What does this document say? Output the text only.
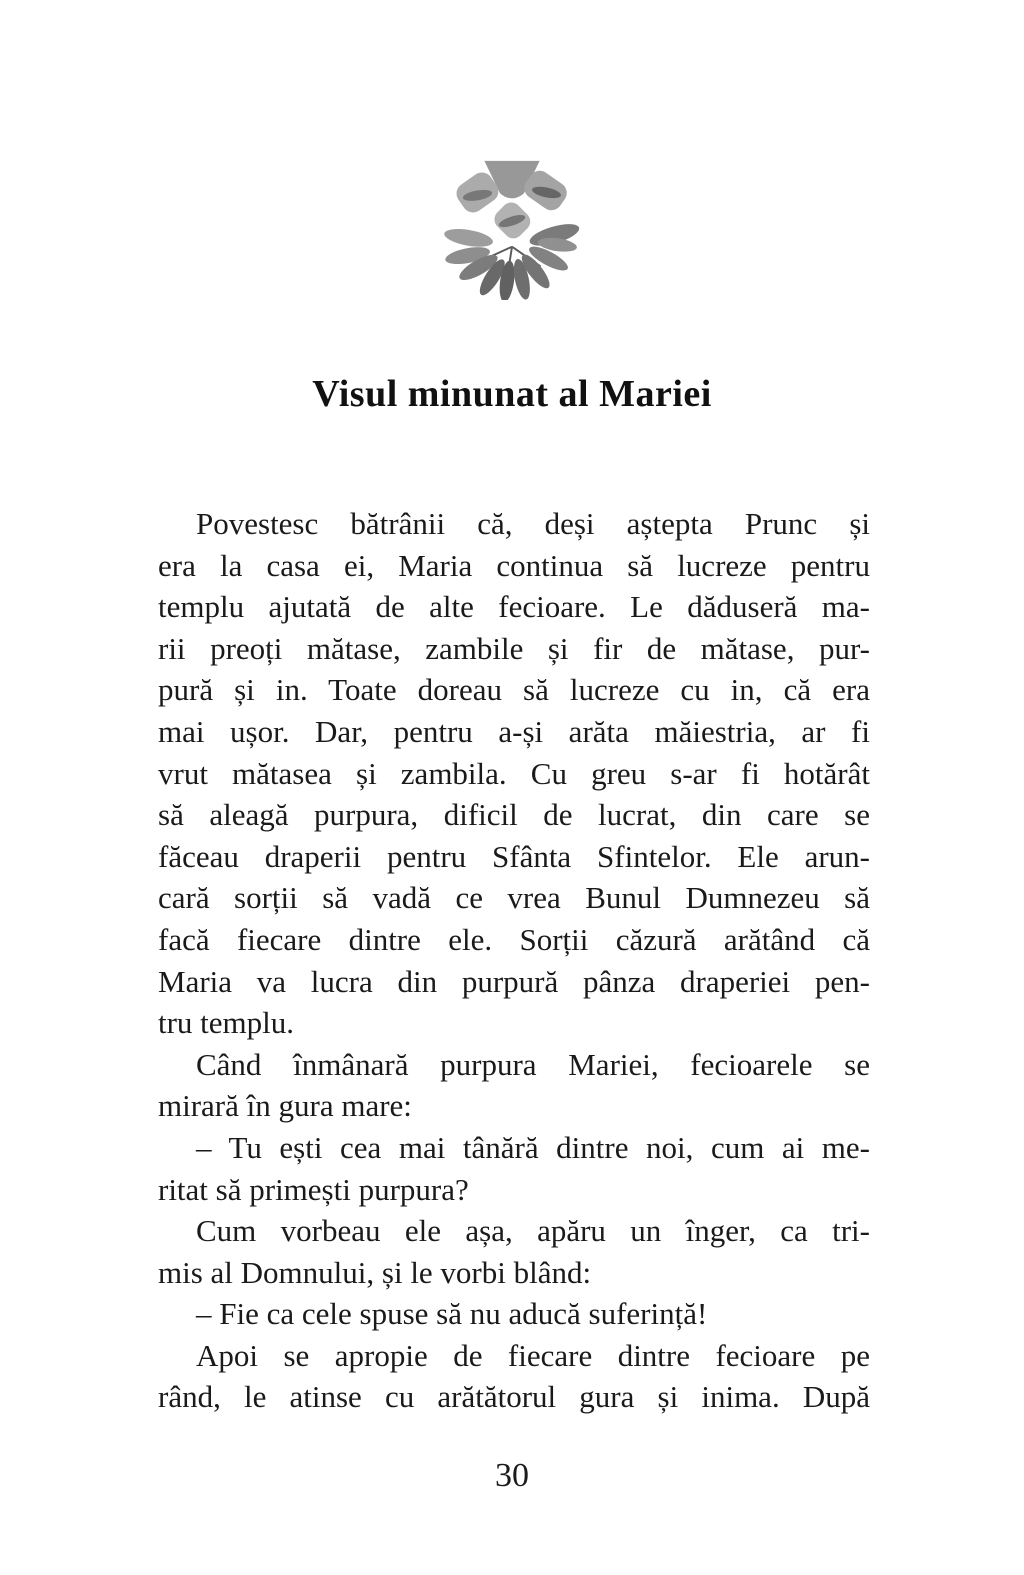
Visul minunat al Mariei
Povestesc bătrânii că, deși aștepta Prunc și
era la casa ei, Maria continua să lucreze pentru
templu ajutată de alte fecioare. Le dăduseră ma-
rii preoți mătase, zambile și fir de mătase, pur-
pură și in. Toate doreau să lucreze cu in, că era
mai ușor. Dar, pentru a-și arăta măiestria, ar fi
vrut mătasea și zambila. Cu greu s-ar fi hotărât
să aleagă purpura, dificil de lucrat, din care se
făceau draperii pentru Sfânta Sfintelor. Ele arun-
cară sorții să vadă ce vrea Bunul Dumnezeu să
facă fiecare dintre ele. Sorții căzură arătând că
Maria va lucra din purpură pânza draperiei pen-
tru templu.
Când înmânară purpura Mariei, fecioarele se
mirară în gura mare:
– Tu ești cea mai tânără dintre noi, cum ai me-
ritat să primești purpura?
Cum vorbeau ele așa, apăru un înger, ca tri-
mis al Domnului, și le vorbi blând:
– Fie ca cele spuse să nu aducă suferință!
Apoi se apropie de fiecare dintre fecioare pe
rând, le atinse cu arătătorul gura și inima. După
30
